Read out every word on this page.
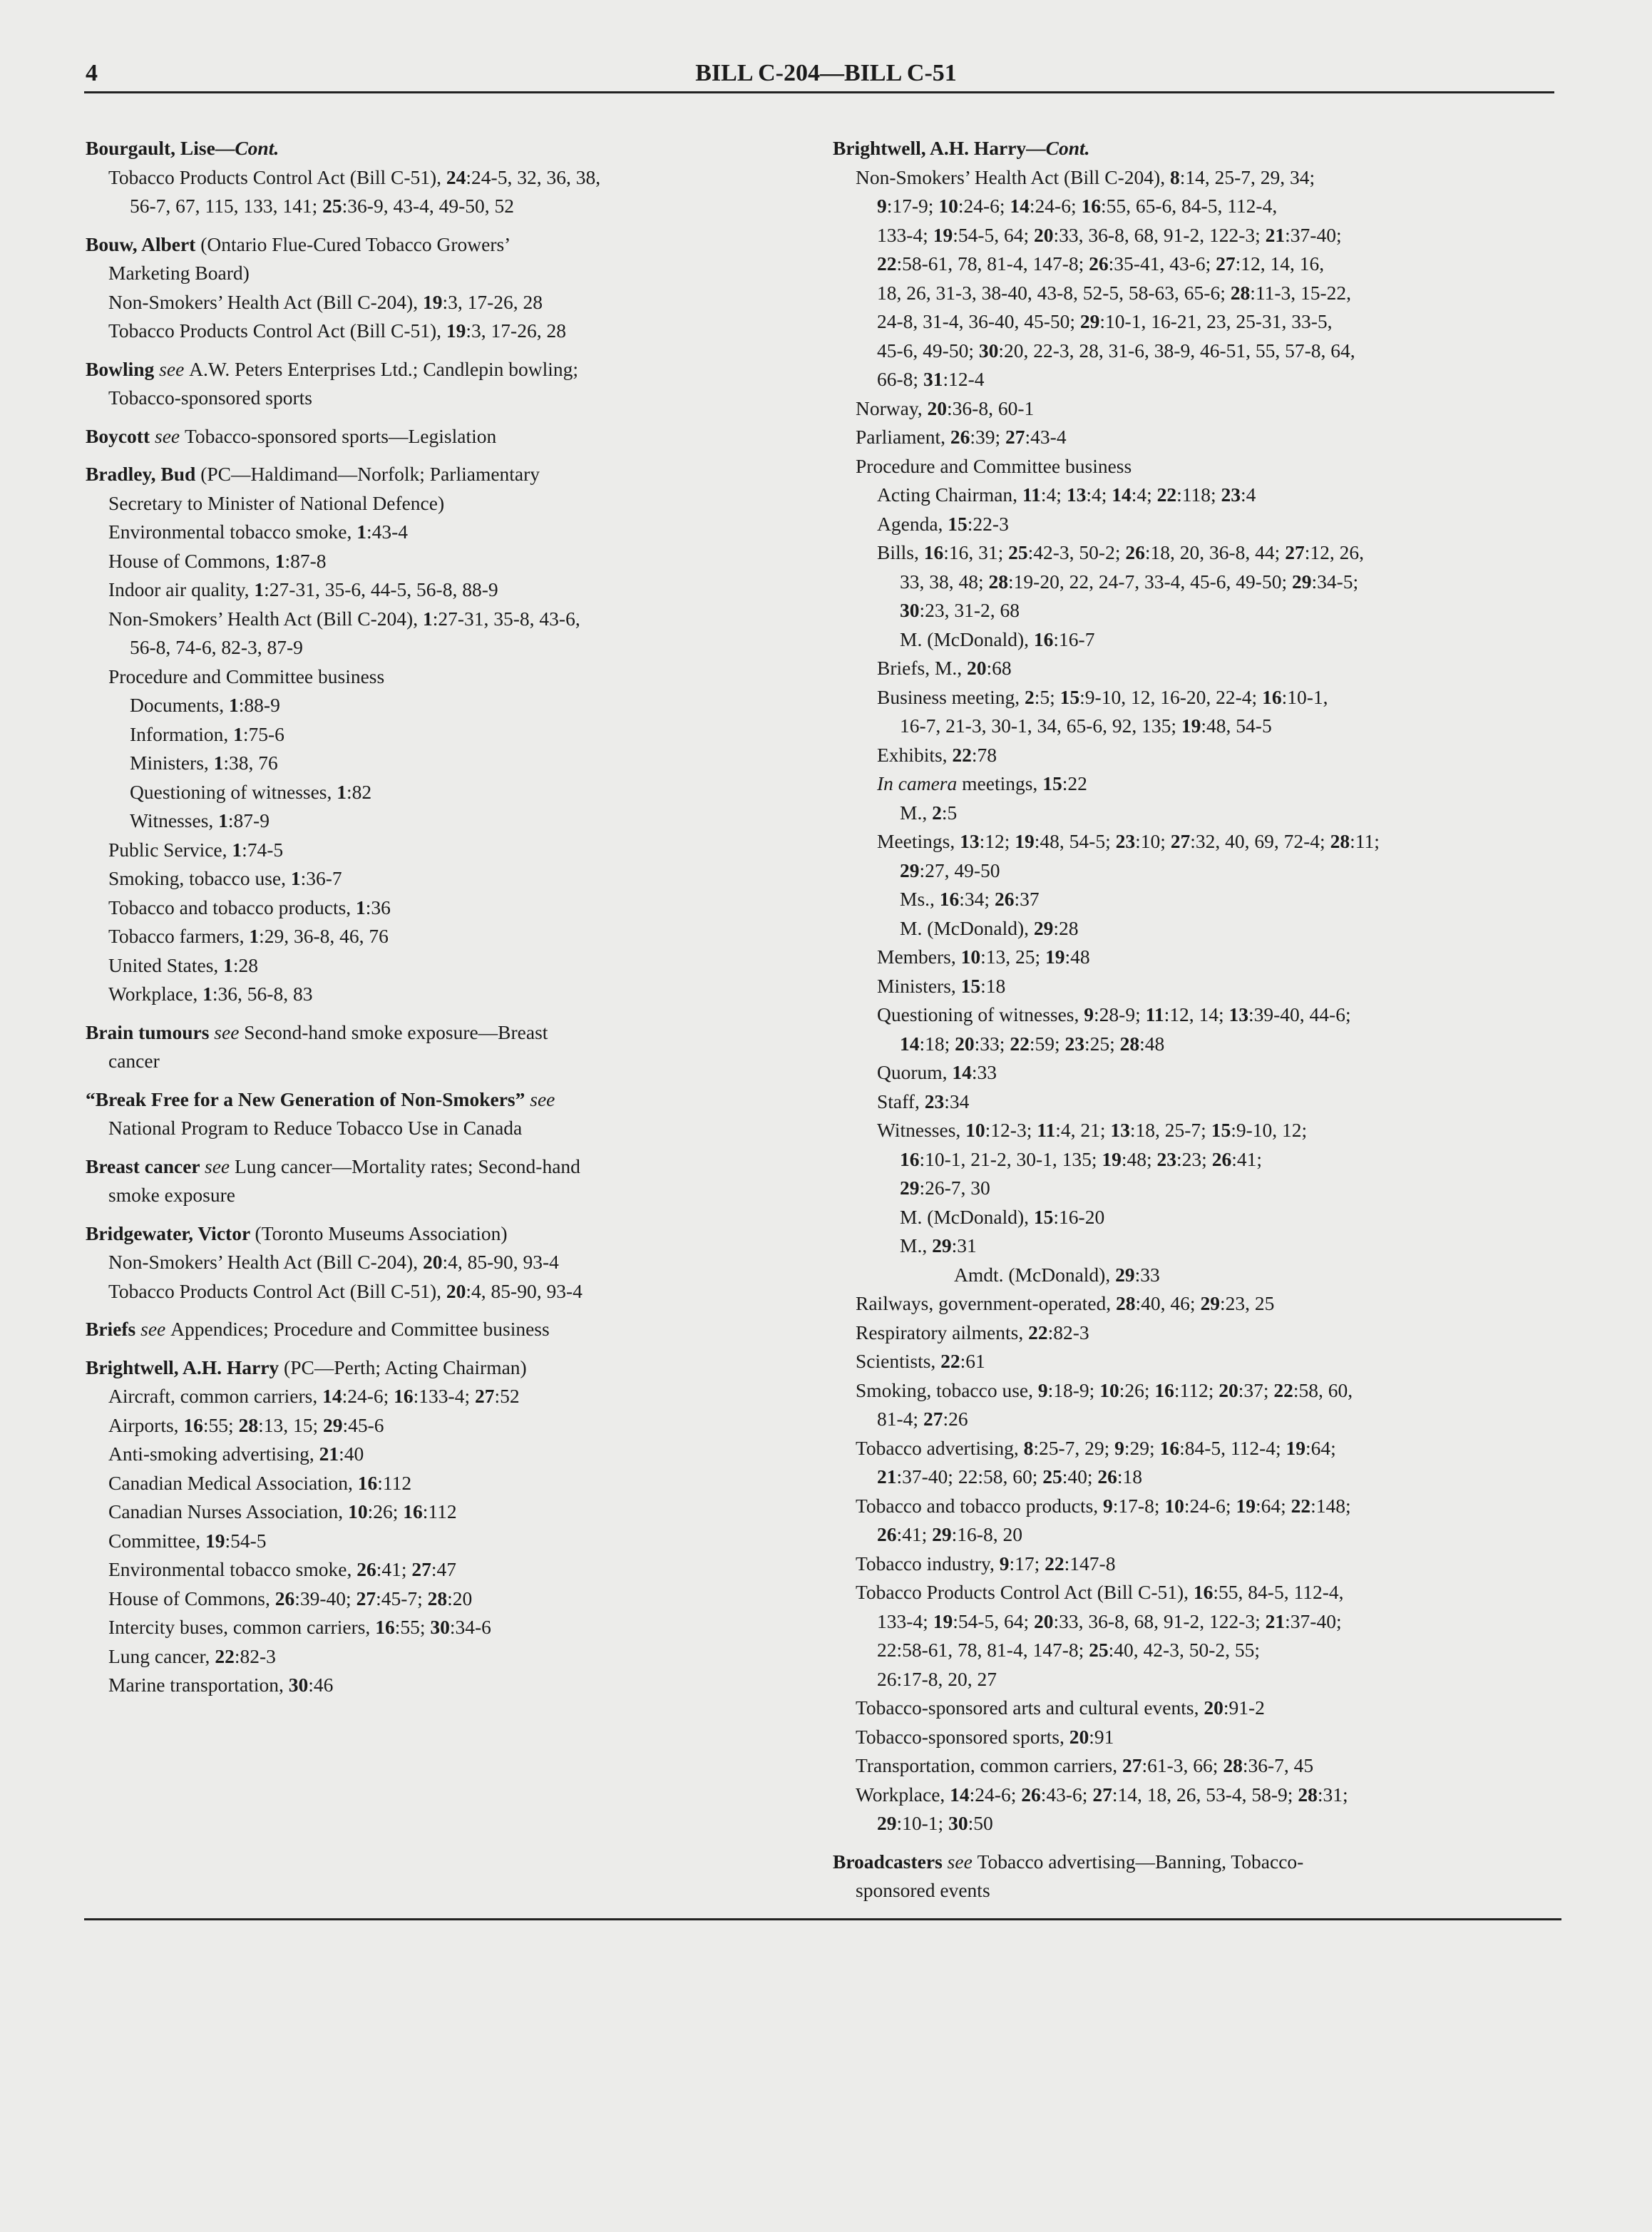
4	BILL C-204—BILL C-51
Bourgault, Lise—Cont.
Tobacco Products Control Act (Bill C-51), 24:24-5, 32, 36, 38,
56-7, 67, 115, 133, 141; 25:36-9, 43-4, 49-50, 52
Bouw, Albert (Ontario Flue-Cured Tobacco Growers’
Marketing Board)
Non-Smokers’ Health Act (Bill C-204), 19:3, 17-26, 28
Tobacco Products Control Act (Bill C-51), 19:3, 17-26, 28
Bowling see A.W. Peters Enterprises Ltd.; Candlepin bowling;
Tobacco-sponsored sports
Boycott see Tobacco-sponsored sports—Legislation
Bradley, Bud (PC—Haldimand—Norfolk; Parliamentary
Secretary to Minister of National Defence)
Environmental tobacco smoke, 1:43-4
House of Commons, 1:87-8
Indoor air quality, 1:27-31, 35-6, 44-5, 56-8, 88-9
Non-Smokers’ Health Act (Bill C-204), 1:27-31, 35-8, 43-6,
56-8, 74-6, 82-3, 87-9
Procedure and Committee business
Documents, 1:88-9
Information, 1:75-6
Ministers, 1:38, 76
Questioning of witnesses, 1:82
Witnesses, 1:87-9
Public Service, 1:74-5
Smoking, tobacco use, 1:36-7
Tobacco and tobacco products, 1:36
Tobacco farmers, 1:29, 36-8, 46, 76
United States, 1:28
Workplace, 1:36, 56-8, 83
Brain tumours see Second-hand smoke exposure—Breast
cancer
“Break Free for a New Generation of Non-Smokers” see
National Program to Reduce Tobacco Use in Canada
Breast cancer see Lung cancer—Mortality rates; Second-hand
smoke exposure
Bridgewater, Victor (Toronto Museums Association)
Non-Smokers’ Health Act (Bill C-204), 20:4, 85-90, 93-4
Tobacco Products Control Act (Bill C-51), 20:4, 85-90, 93-4
Briefs see Appendices; Procedure and Committee business
Brightwell, A.H. Harry (PC—Perth; Acting Chairman)
Aircraft, common carriers, 14:24-6; 16:133-4; 27:52
Airports, 16:55; 28:13, 15; 29:45-6
Anti-smoking advertising, 21:40
Canadian Medical Association, 16:112
Canadian Nurses Association, 10:26; 16:112
Committee, 19:54-5
Environmental tobacco smoke, 26:41; 27:47
House of Commons, 26:39-40; 27:45-7; 28:20
Intercity buses, common carriers, 16:55; 30:34-6
Lung cancer, 22:82-3
Marine transportation, 30:46
Brightwell, A.H. Harry—Cont.
Non-Smokers’ Health Act (Bill C-204), 8:14, 25-7, 29, 34;
9:17-9; 10:24-6; 14:24-6; 16:55, 65-6, 84-5, 112-4,
133-4; 19:54-5, 64; 20:33, 36-8, 68, 91-2, 122-3; 21:37-40;
22:58-61, 78, 81-4, 147-8; 26:35-41, 43-6; 27:12, 14, 16,
18, 26, 31-3, 38-40, 43-8, 52-5, 58-63, 65-6; 28:11-3, 15-22,
24-8, 31-4, 36-40, 45-50; 29:10-1, 16-21, 23, 25-31, 33-5,
45-6, 49-50; 30:20, 22-3, 28, 31-6, 38-9, 46-51, 55, 57-8, 64,
66-8; 31:12-4
Norway, 20:36-8, 60-1
Parliament, 26:39; 27:43-4
Procedure and Committee business
Acting Chairman, 11:4; 13:4; 14:4; 22:118; 23:4
Agenda, 15:22-3
Bills, 16:16, 31; 25:42-3, 50-2; 26:18, 20, 36-8, 44; 27:12, 26,
33, 38, 48; 28:19-20, 22, 24-7, 33-4, 45-6, 49-50; 29:34-5;
30:23, 31-2, 68
M. (McDonald), 16:16-7
Briefs, M., 20:68
Business meeting, 2:5; 15:9-10, 12, 16-20, 22-4; 16:10-1,
16-7, 21-3, 30-1, 34, 65-6, 92, 135; 19:48, 54-5
Exhibits, 22:78
In camera meetings, 15:22
M., 2:5
Meetings, 13:12; 19:48, 54-5; 23:10; 27:32, 40, 69, 72-4; 28:11;
29:27, 49-50
Ms., 16:34; 26:37
M. (McDonald), 29:28
Members, 10:13, 25; 19:48
Ministers, 15:18
Questioning of witnesses, 9:28-9; 11:12, 14; 13:39-40, 44-6;
14:18; 20:33; 22:59; 23:25; 28:48
Quorum, 14:33
Staff, 23:34
Witnesses, 10:12-3; 11:4, 21; 13:18, 25-7; 15:9-10, 12;
16:10-1, 21-2, 30-1, 135; 19:48; 23:23; 26:41;
29:26-7, 30
M. (McDonald), 15:16-20
M., 29:31
Amdt. (McDonald), 29:33
Railways, government-operated, 28:40, 46; 29:23, 25
Respiratory ailments, 22:82-3
Scientists, 22:61
Smoking, tobacco use, 9:18-9; 10:26; 16:112; 20:37; 22:58, 60,
81-4; 27:26
Tobacco advertising, 8:25-7, 29; 9:29; 16:84-5, 112-4; 19:64;
21:37-40; 22:58, 60; 25:40; 26:18
Tobacco and tobacco products, 9:17-8; 10:24-6; 19:64; 22:148;
26:41; 29:16-8, 20
Tobacco industry, 9:17; 22:147-8
Tobacco Products Control Act (Bill C-51), 16:55, 84-5, 112-4,
133-4; 19:54-5, 64; 20:33, 36-8, 68, 91-2, 122-3; 21:37-40;
22:58-61, 78, 81-4, 147-8; 25:40, 42-3, 50-2, 55;
26:17-8, 20, 27
Tobacco-sponsored arts and cultural events, 20:91-2
Tobacco-sponsored sports, 20:91
Transportation, common carriers, 27:61-3, 66; 28:36-7, 45
Workplace, 14:24-6; 26:43-6; 27:14, 18, 26, 53-4, 58-9; 28:31;
29:10-1; 30:50
Broadcasters see Tobacco advertising—Banning, Tobacco-
sponsored events
